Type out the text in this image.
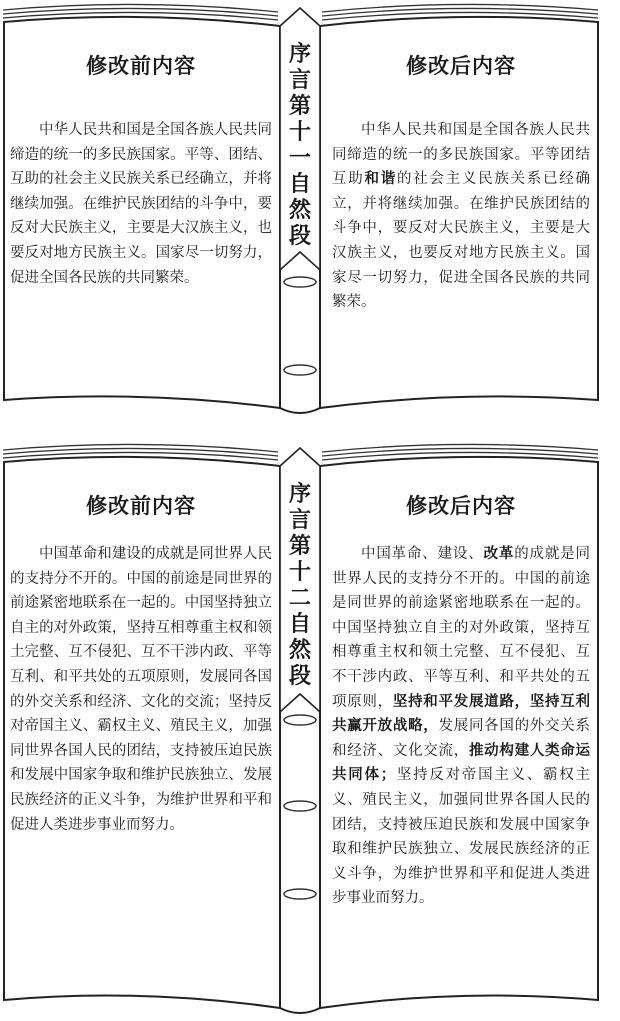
序
言
第
十
一
自
然
段
修改前内容
中华人民共和国是全国各族人民共同缔造的统一的多民族国家。平等、团结、互助的社会主义民族关系已经确立，并将继续加强。在维护民族团结的斗争中，要反对大民族主义，主要是大汉族主义，也要反对地方民族主义。国家尽一切努力，促进全国各民族的共同繁荣。
修改后内容
中华人民共和国是全国各族人民共同缔造的统一的多民族国家。平等团结互助和谐的社会主义民族关系已经确立，并将继续加强。在维护民族团结的斗争中，要反对大民族主义，主要是大汉族主义，也要反对地方民族主义。国家尽一切努力，促进全国各民族的共同繁荣。
序
言
第
十
二
自
然
段
修改前内容
中国革命和建设的成就是同世界人民的支持分不开的。中国的前途是同世界的前途紧密地联系在一起的。中国坚持独立自主的对外政策，坚持互相尊重主权和领土完整、互不侵犯、互不干涉内政、平等互利、和平共处的五项原则，发展同各国的外交关系和经济、文化的交流；坚持反对帝国主义、霸权主义、殖民主义，加强同世界各国人民的团结，支持被压迫民族和发展中国家争取和维护民族独立、发展民族经济的正义斗争，为维护世界和平和促进人类进步事业而努力。
修改后内容
中国革命、建设、改革的成就是同世界人民的支持分不开的。中国的前途是同世界的前途紧密地联系在一起的。中国坚持独立自主的对外政策，坚持互相尊重主权和领土完整、互不侵犯、互不干涉内政、平等互利、和平共处的五项原则，坚持和平发展道路，坚持互利共赢开放战略，发展同各国的外交关系和经济、文化交流，推动构建人类命运共同体；坚持反对帝国主义、霸权主义、殖民主义，加强同世界各国人民的团结，支持被压迫民族和发展中国家争取和维护民族独立、发展民族经济的正义斗争，为维护世界和平和促进人类进步事业而努力。
